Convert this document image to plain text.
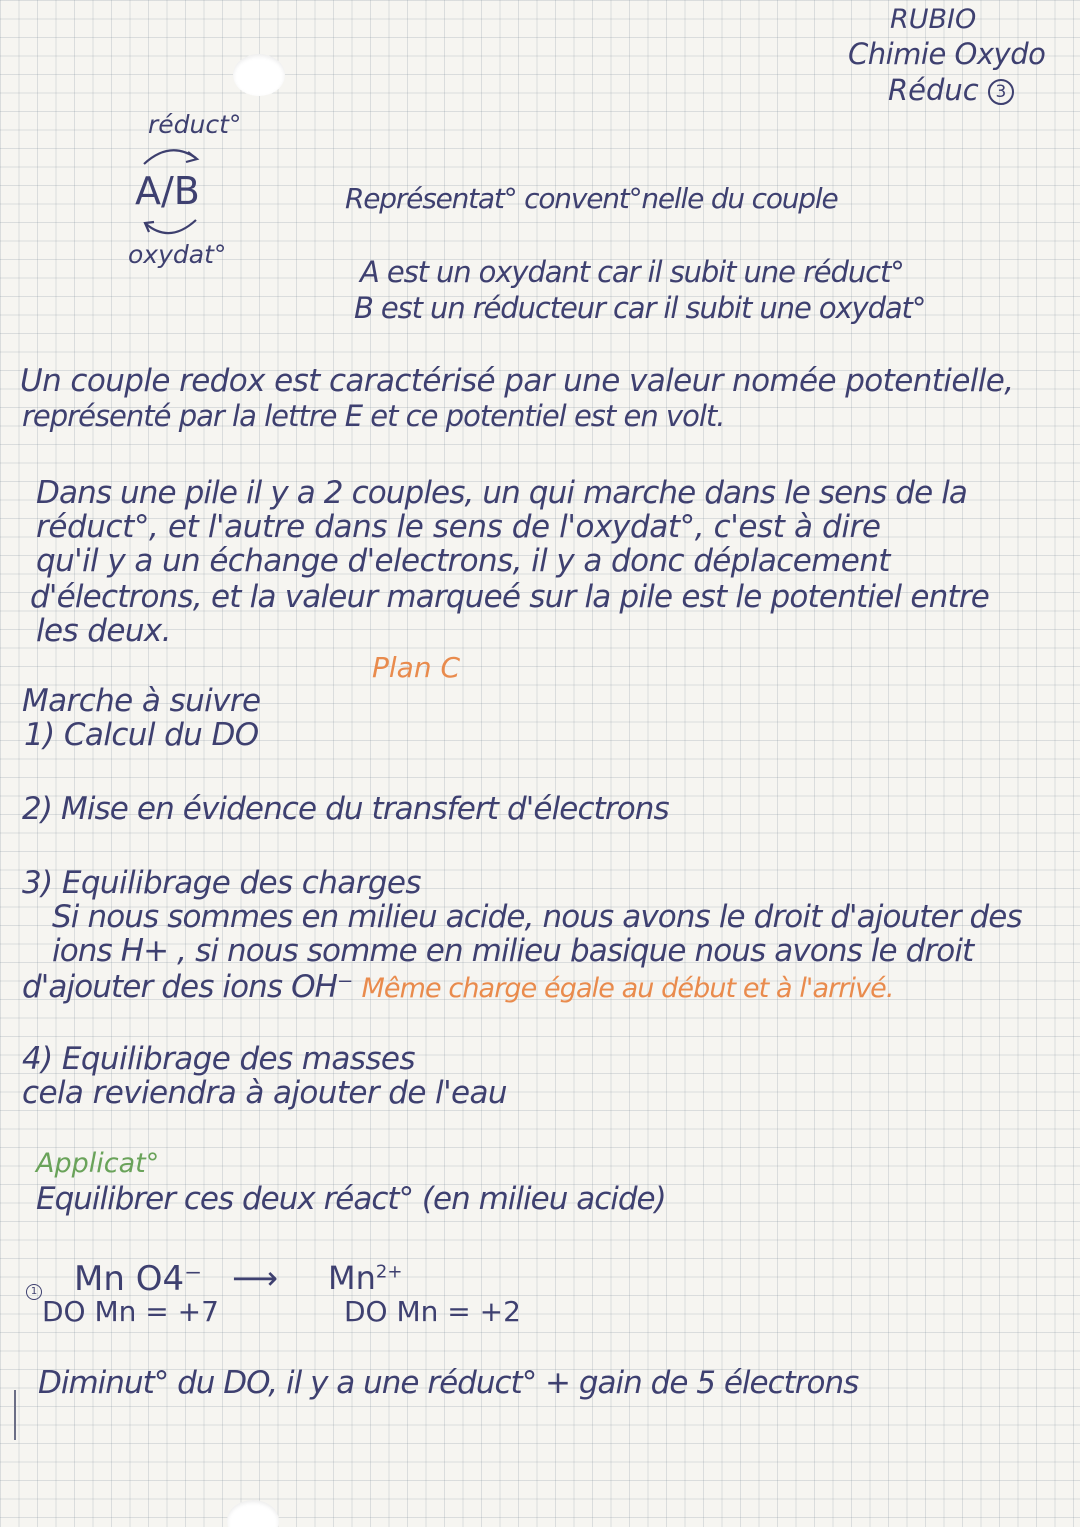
RUBIO
Chimie Oxydo
Réduc 3
réduct°
A/B
oxydat°
Représentat° convent°nelle du couple
A est un oxydant car il subit une réduct°
B est un réducteur car il subit une oxydat°
Un couple redox est caractérisé par une valeur nomée potentielle,
représenté par la lettre E et ce potentiel est en volt.
Dans une pile il y a 2 couples, un qui marche dans le sens de la
réduct°, et l'autre dans le sens de l'oxydat°, c'est à dire
qu'il y a un échange d'electrons, il y a donc déplacement
d'électrons, et la valeur marqueé sur la pile est le potentiel entre
les deux.
Plan C
Marche à suivre
1) Calcul du DO
2) Mise en évidence du transfert d'électrons
3) Equilibrage des charges
Si nous sommes en milieu acide, nous avons le droit d'ajouter des
ions H+ , si nous somme en milieu basique nous avons le droit
d'ajouter des ions OH⁻ Même charge égale au début et à l'arrivé.
4) Equilibrage des masses
cela reviendra à ajouter de l'eau
Applicat°
Equilibrer ces deux réact° (en milieu acide)
1 Mn O4⁻ ⟶ $Mn^{2+}$
DO Mn = +7	DO Mn = +2
Diminut° du DO, il y a une réduct° + gain de 5 électrons
